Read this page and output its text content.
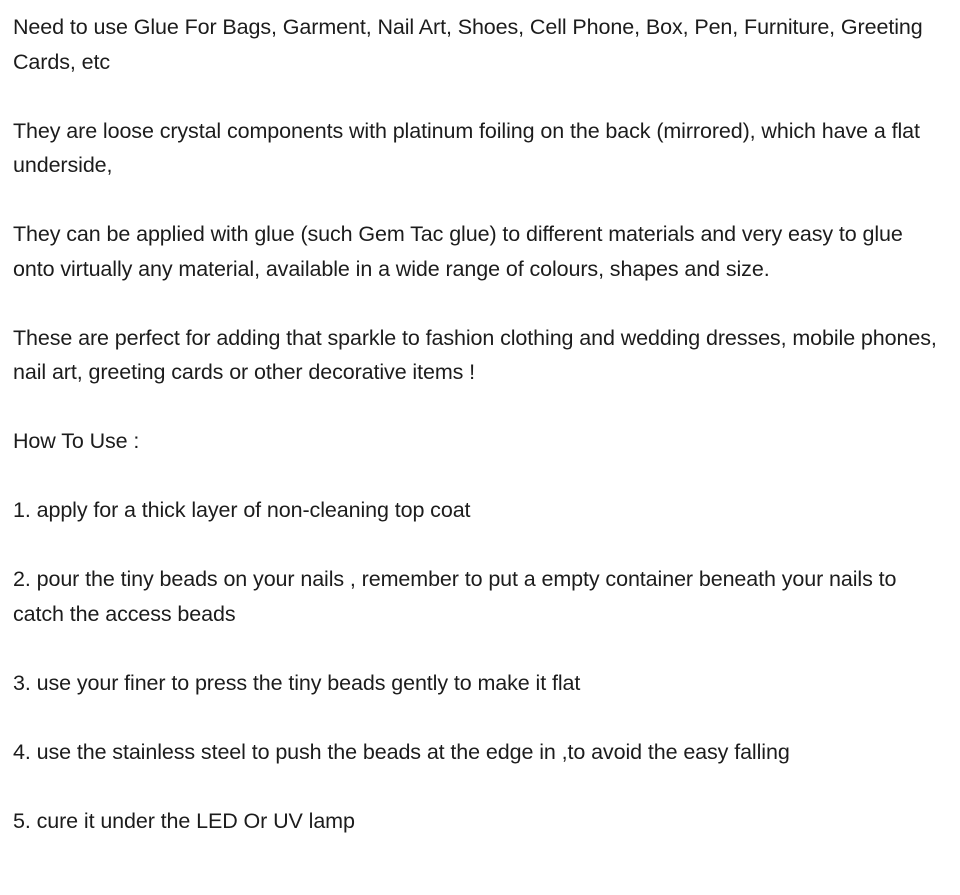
Need to use Glue For Bags, Garment, Nail Art, Shoes, Cell Phone, Box, Pen, Furniture, Greeting Cards, etc

They are loose crystal components with platinum foiling on the back (mirrored), which have a flat underside,

They can be applied with glue (such Gem Tac glue) to different materials and very easy to glue onto virtually any material, available in a wide range of colours, shapes and size.

These are perfect for adding that sparkle to fashion clothing and wedding dresses, mobile phones, nail art, greeting cards or other decorative items !

How To Use :

1. apply for a thick layer of non-cleaning top coat

2. pour the tiny beads on your nails , remember to put a empty container beneath your nails to catch the access beads

3. use your finer to press the tiny beads gently to make it flat

4. use the stainless steel to push the beads at the edge in ,to avoid the easy falling

5. cure it under the LED Or UV lamp
